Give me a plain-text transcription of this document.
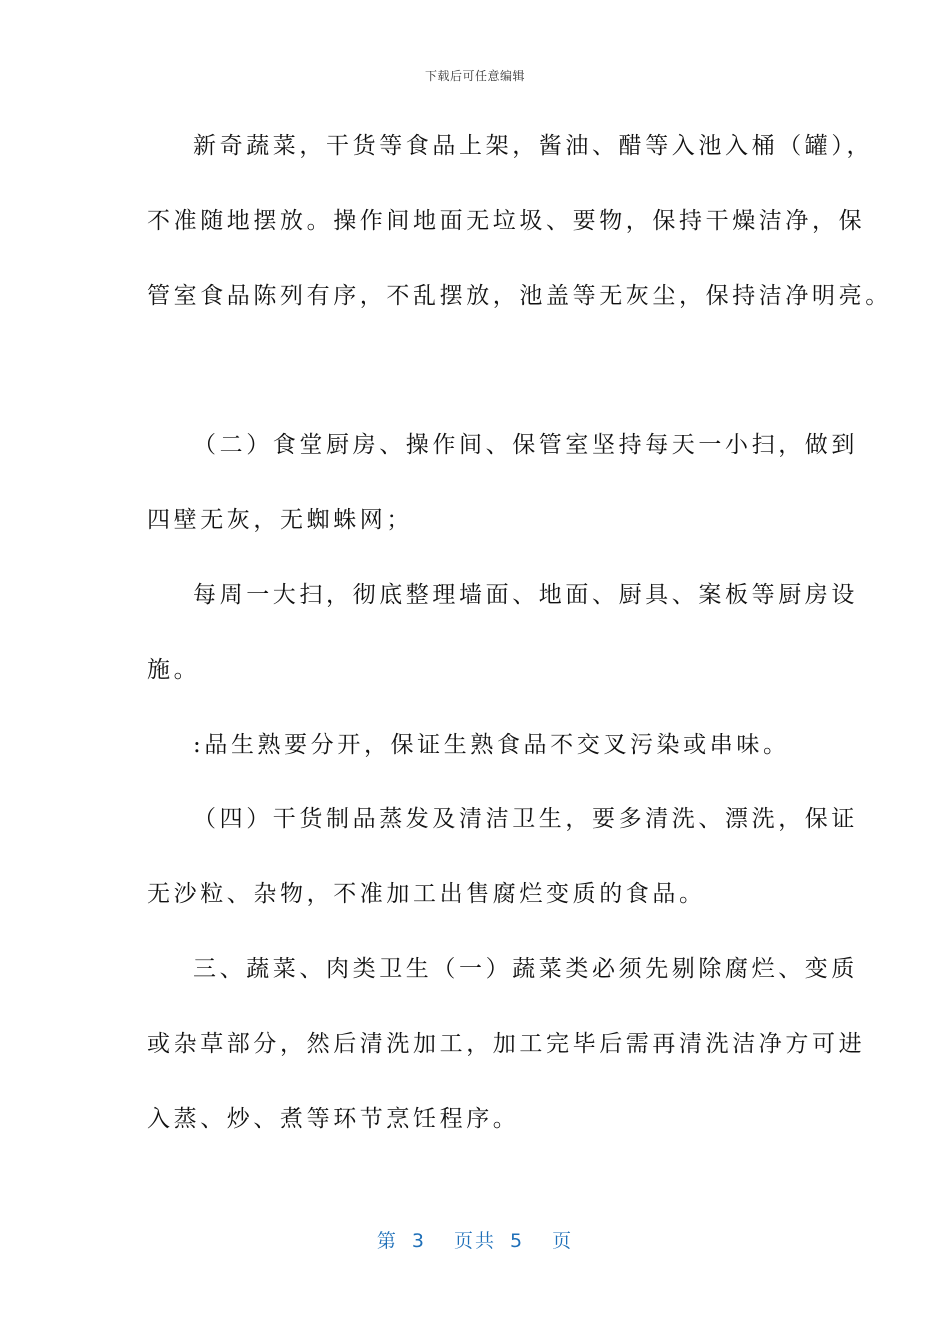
下载后可任意编辑
新奇蔬菜，干货等食品上架，酱油、醋等入池入桶（罐），
不准随地摆放。操作间地面无垃圾、要物，保持干燥洁净，保
管室食品陈列有序，不乱摆放，池盖等无灰尘，保持洁净明亮。
（二）食堂厨房、操作间、保管室坚持每天一小扫，做到
四壁无灰，无蜘蛛网；
每周一大扫，彻底整理墙面、地面、厨具、案板等厨房设
施。
:品生熟要分开，保证生熟食品不交叉污染或串味。
（四）干货制品蒸发及清洁卫生，要多清洗、漂洗，保证
无沙粒、杂物，不准加工出售腐烂变质的食品。
三、蔬菜、肉类卫生（一）蔬菜类必须先剔除腐烂、变质
或杂草部分，然后清洗加工，加工完毕后需再清洗洁净方可进
入蒸、炒、煮等环节烹饪程序。
第 3 页共 5 页
